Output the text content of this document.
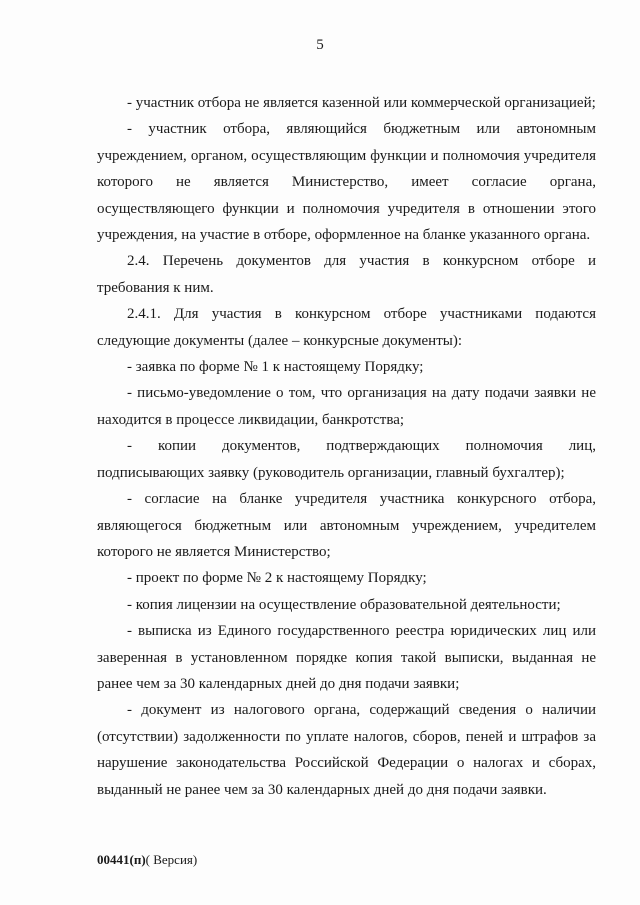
5

- участник отбора не является казенной или коммерческой организацией;

- участник отбора, являющийся бюджетным или автономным учреждением, органом, осуществляющим функции и полномочия учредителя которого не является Министерство, имеет согласие органа, осуществляющего функции и полномочия учредителя в отношении этого учреждения, на участие в отборе, оформленное на бланке указанного органа.

2.4. Перечень документов для участия в конкурсном отборе и требования к ним.

2.4.1. Для участия в конкурсном отборе участниками подаются следующие документы (далее – конкурсные документы):

- заявка по форме № 1 к настоящему Порядку;

- письмо-уведомление о том, что организация на дату подачи заявки не находится в процессе ликвидации, банкротства;

- копии документов, подтверждающих полномочия лиц, подписывающих заявку (руководитель организации, главный бухгалтер);

- согласие на бланке учредителя участника конкурсного отбора, являющегося бюджетным или автономным учреждением, учредителем которого не является Министерство;

- проект по форме № 2 к настоящему Порядку;

- копия лицензии на осуществление образовательной деятельности;

- выписка из Единого государственного реестра юридических лиц или заверенная в установленном порядке копия такой выписки, выданная не ранее чем за 30 календарных дней до дня подачи заявки;

- документ из налогового органа, содержащий сведения о наличии (отсутствии) задолженности по уплате налогов, сборов, пеней и штрафов за нарушение законодательства Российской Федерации о налогах и сборах, выданный не ранее чем за 30 календарных дней до дня подачи заявки.

00441(п)( Версия)
